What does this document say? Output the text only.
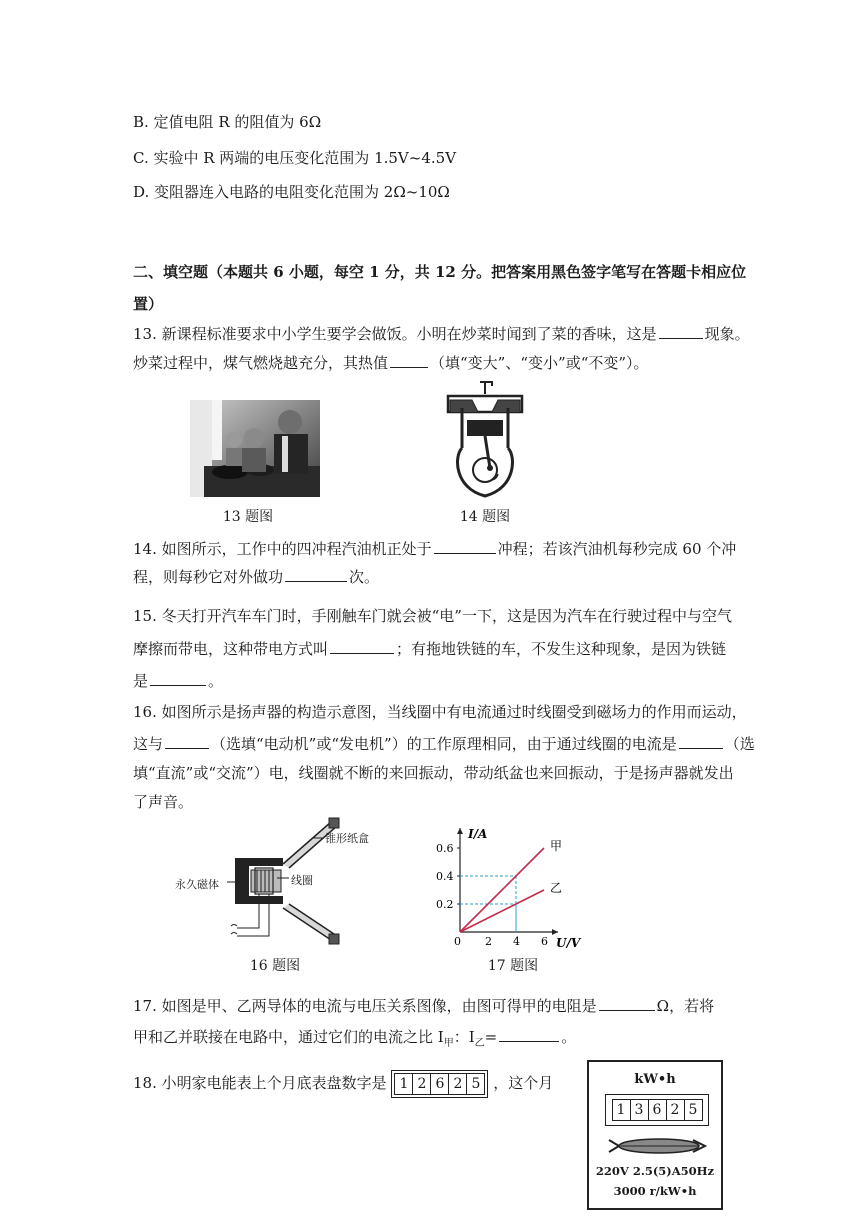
B. 定值电阻 R 的阻值为 6Ω
C. 实验中 R 两端的电压变化范围为 1.5V~4.5V
D. 变阻器连入电路的电阻变化范围为 2Ω~10Ω
二、填空题（本题共 6 小题，每空 1 分，共 12 分。把答案用黑色签字笔写在答题卡相应位
置）
13. 新课程标准要求中小学生要学会做饭。小明在炒菜时闻到了菜的香味，这是	现象。
炒菜过程中，煤气燃烧越充分，其热值	（填“变大”、“变小”或“不变”）。
13 题图	14 题图
14. 如图所示，工作中的四冲程汽油机正处于	冲程；若该汽油机每秒完成 60 个冲
程，则每秒它对外做功	次。
15. 冬天打开汽车车门时，手刚触车门就会被“电”一下，这是因为汽车在行驶过程中与空气
摩擦而带电，这种带电方式叫	；有拖地铁链的车，不发生这种现象，是因为铁链
是	。
16. 如图所示是扬声器的构造示意图，当线圈中有电流通过时线圈受到磁场力的作用而运动，
这与	（选填“电动机”或“发电机”）的工作原理相同，由于通过线圈的电流是	（选
填“直流”或“交流”）电，线圈就不断的来回振动，带动纸盆也来回振动，于是扬声器就发出
了声音。
锥形纸盒
永久磁体	线圈
16 题图
0 2 4 6
0.2
0.4
0.6	甲
乙
I/A
U/V
17 题图
17. 如图是甲、乙两导体的电流与电压关系图像，由图可得甲的电阻是	Ω，若将
甲和乙并联接在电路中，通过它们的电流之比 $I_甲$：$I_乙=$	。
18. 小明家电能表上个月底表盘数字是 1 2 6 2 5 ，这个月	kW•h
1 3 6 2 5
220V 2.5(5)A50Hz
3000 r/kW•h
